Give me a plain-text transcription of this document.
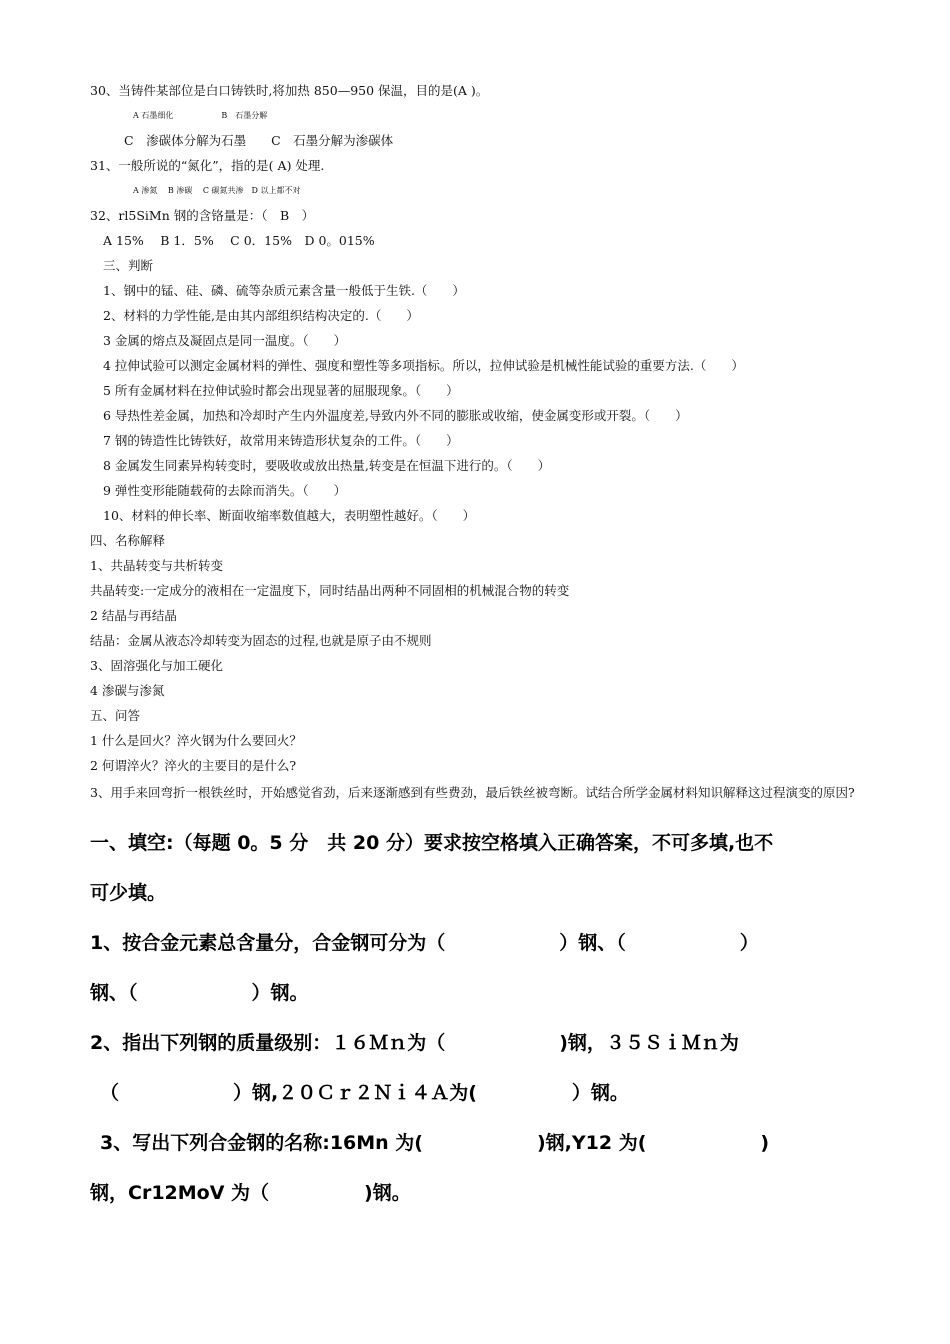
30、当铸件某部位是白口铸铁时,将加热 850—950 保温，目的是(A )。
A 石墨细化　　　　　　B　石墨分解
C　渗碳体分解为石墨　　C　石墨分解为渗碳体
31、一般所说的“氮化”，指的是( A) 处理.
A 渗氮　 B 渗碳　 C 碳氮共渗　D 以上都不对
32、rl5SiMn 钢的含铬量是：（　B　）
A 15%　 B 1．5%　 C 0．15%　D 0。015%
三、判断
1、钢中的锰、硅、磷、硫等杂质元素含量一般低于生铁.（　　）
2、材料的力学性能,是由其内部组织结构决定的.（　　）
3 金属的熔点及凝固点是同一温度。（　　）
4 拉伸试验可以测定金属材料的弹性、强度和塑性等多项指标。所以，拉伸试验是机械性能试验的重要方法.（　　）
5 所有金属材料在拉伸试验时都会出现显著的屈服现象。（　　）
6 导热性差金属，加热和冷却时产生内外温度差,导致内外不同的膨胀或收缩，使金属变形或开裂。（　　）
7 钢的铸造性比铸铁好，故常用来铸造形状复杂的工件。（　　）
8 金属发生同素异构转变时，要吸收或放出热量,转变是在恒温下进行的。（　　）
9 弹性变形能随载荷的去除而消失。（　　）
10、材料的伸长率、断面收缩率数值越大，表明塑性越好。（　　）
四、名称解释
1、共晶转变与共析转变
共晶转变:一定成分的液相在一定温度下，同时结晶出两种不同固相的机械混合物的转变
2 结晶与再结晶
结晶：金属从液态冷却转变为固态的过程,也就是原子由不规则
3、固溶强化与加工硬化
4 渗碳与渗氮
五、问答
1 什么是回火？淬火钢为什么要回火？
2 何谓淬火？淬火的主要目的是什么?
3、用手来回弯折一根铁丝时，开始感觉省劲，后来逐渐感到有些费劲，最后铁丝被弯断。试结合所学金属材料知识解释这过程演变的原因?
一、填空:（每题 0。5 分　共 20 分）要求按空格填入正确答案，不可多填,也不
可少填。
1、按合金元素总含量分，合金钢可分为（　　　　　　）钢、（　　　　　　）
钢、（　　　　　　）钢。
2、指出下列钢的质量级别：１６Ｍｎ为（　　　　　　)钢，３５ＳｉＭｎ为
（　　　　　　）钢,２０Ｃｒ２Ｎｉ４Ａ为(　　　　　）钢。
3、写出下列合金钢的名称:16Mn 为(　　　　　　)钢,Y12 为(　　　　　　)
钢，Cr12MoV 为（　　　　　)钢。
